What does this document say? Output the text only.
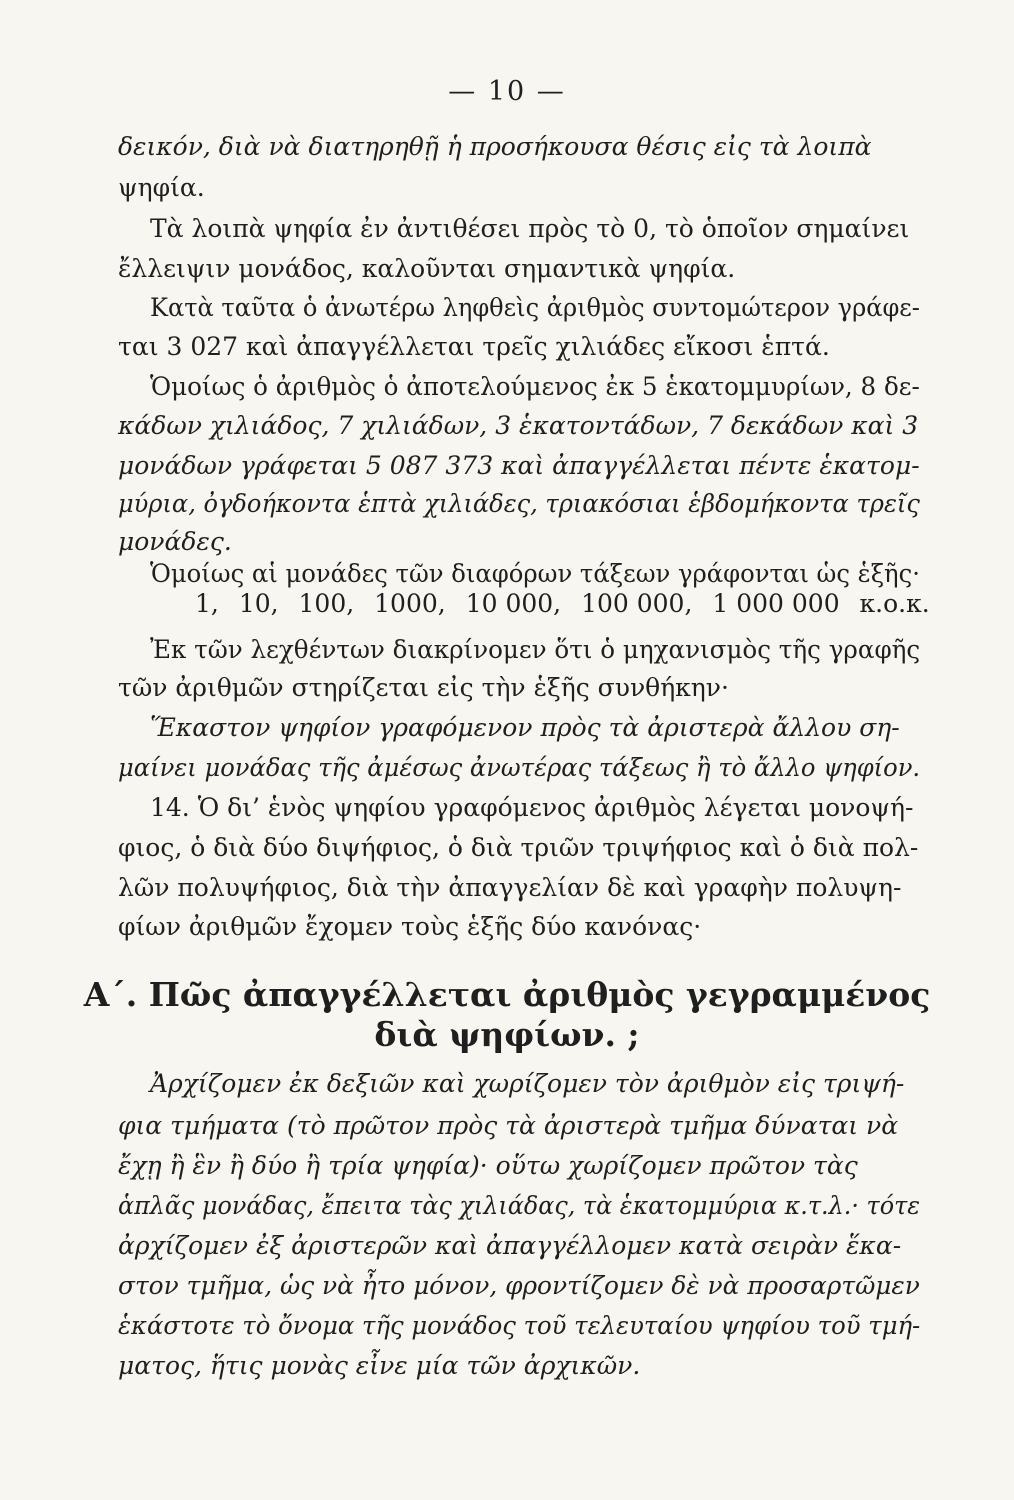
— 10 —
δεικόν, διὰ νὰ διατηρηθῇ ἡ προσήκουσα θέσις εἰς τὰ λοιπὰ
ψηφία.
Τὰ λοιπὰ ψηφία ἐν ἀντιθέσει πρὸς τὸ 0, τὸ ὁποῖον σημαίνει
ἔλλειψιν μονάδος, καλοῦνται σημαντικὰ ψηφία.
Κατὰ ταῦτα ὁ ἀνωτέρω ληφθεὶς ἀριθμὸς συντομώτερον γράφε-
ται 3 027 καὶ ἀπαγγέλλεται τρεῖς χιλιάδες εἴκοσι ἑπτά.
Ὁμοίως ὁ ἀριθμὸς ὁ ἀποτελούμενος ἐκ 5 ἑκατομμυρίων, 8 δε-
κάδων χιλιάδος, 7 χιλιάδων, 3 ἑκατοντάδων, 7 δεκάδων καὶ 3
μονάδων γράφεται 5 087 373 καὶ ἀπαγγέλλεται πέντε ἑκατομ-
μύρια, ὀγδοήκοντα ἑπτὰ χιλιάδες, τριακόσιαι ἑβδομήκοντα τρεῖς
μονάδες.
Ὁμοίως αἱ μονάδες τῶν διαφόρων τάξεων γράφονται ὡς ἑξῆς·
1, 10, 100, 1000, 10 000, 100 000, 1 000 000 κ.ο.κ.
Ἐκ τῶν λεχθέντων διακρίνομεν ὅτι ὁ μηχανισμὸς τῆς γραφῆς
τῶν ἀριθμῶν στηρίζεται εἰς τὴν ἑξῆς συνθήκην·
Ἕκαστον ψηφίον γραφόμενον πρὸς τὰ ἀριστερὰ ἄλλου ση-
μαίνει μονάδας τῆς ἀμέσως ἀνωτέρας τάξεως ἢ τὸ ἄλλο ψηφίον.
14. Ὁ δι’ ἑνὸς ψηφίου γραφόμενος ἀριθμὸς λέγεται μονοψή-
φιος, ὁ διὰ δύο διψήφιος, ὁ διὰ τριῶν τριψήφιος καὶ ὁ διὰ πολ-
λῶν πολυψήφιος, διὰ τὴν ἀπαγγελίαν δὲ καὶ γραφὴν πολυψη-
φίων ἀριθμῶν ἔχομεν τοὺς ἑξῆς δύο κανόνας·
Α΄. Πῶς ἀπαγγέλλεται ἀριθμὸς γεγραμμένος
διὰ ψηφίων. ;
Ἀρχίζομεν ἐκ δεξιῶν καὶ χωρίζομεν τὸν ἀριθμὸν εἰς τριψή-
φια τμήματα (τὸ πρῶτον πρὸς τὰ ἀριστερὰ τμῆμα δύναται νὰ
ἔχῃ ἢ ἓν ἢ δύο ἢ τρία ψηφία)· οὕτω χωρίζομεν πρῶτον τὰς
ἁπλᾶς μονάδας, ἔπειτα τὰς χιλιάδας, τὰ ἑκατομμύρια κ.τ.λ.· τότε
ἀρχίζομεν ἐξ ἀριστερῶν καὶ ἀπαγγέλλομεν κατὰ σειρὰν ἕκα-
στον τμῆμα, ὡς νὰ ἦτο μόνον, φροντίζομεν δὲ νὰ προσαρτῶμεν
ἑκάστοτε τὸ ὄνομα τῆς μονάδος τοῦ τελευταίου ψηφίου τοῦ τμή-
ματος, ἥτις μονὰς εἶνε μία τῶν ἀρχικῶν.
